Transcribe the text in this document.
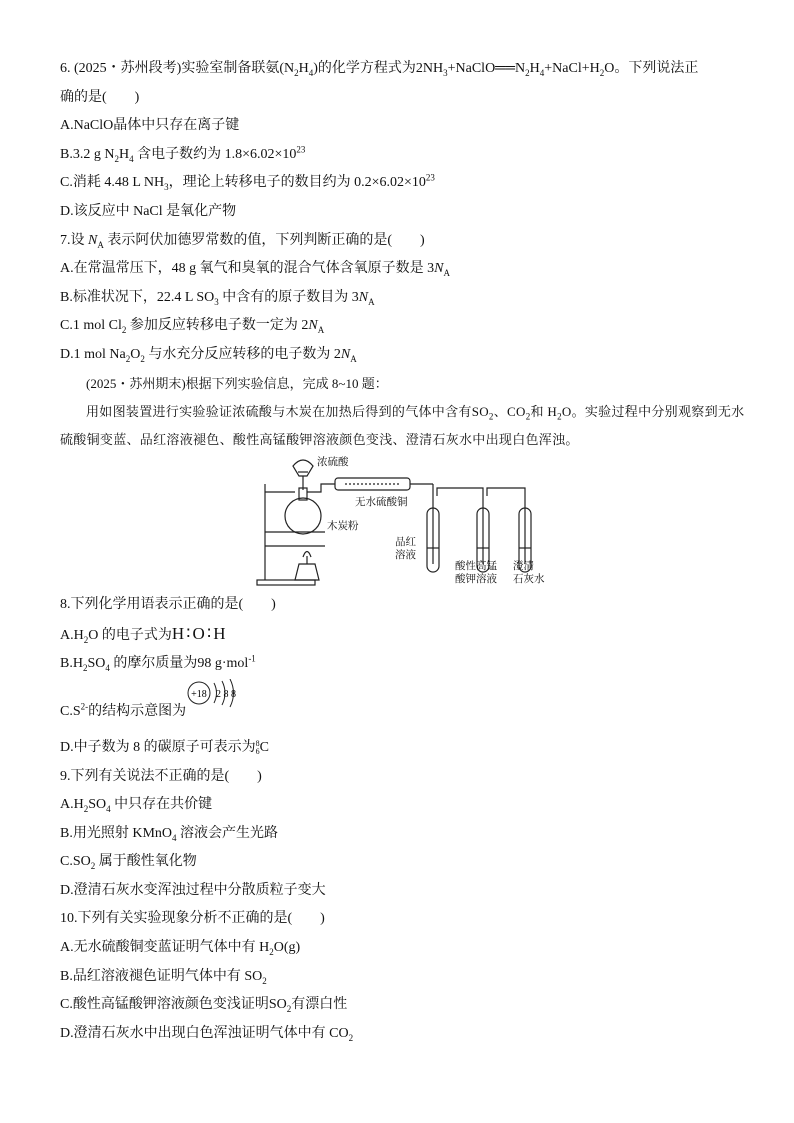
6. (2025・苏州段考)实验室制备联氨$(N_2H_4)$的化学方程式为$2NH_3+NaClO══N_2H_4+NaCl+H_2O$。下列说法正
确的是(　　)
A.NaClO晶体中只存在离子键
B.3.2 g $N_2H_4$ 含电子数约为 $1.8\times 6.02\times 10^{23}$
C.消耗 4.48 L $NH_3$，理论上转移电子的数目约为 $0.2\times 6.02\times 10^{23}$
D.该反应中 NaCl 是氧化产物
7.设 $N_A$ 表示阿伏加德罗常数的值，下列判断正确的是(　　)
A.在常温常压下，48 g 氧气和臭氧的混合气体含氧原子数是 $3N_A$
B.标准状况下，22.4 L $SO_3$ 中含有的原子数目为 $3N_A$
C.1 mol $Cl_2$ 参加反应转移电子数一定为 $2N_A$
D.1 mol $Na_2O_2$ 与水充分反应转移的电子数为 $2N_A$
(2025・苏州期末)根据下列实验信息，完成 8~10 题：
用如图装置进行实验验证浓硫酸与木炭在加热后得到的气体中含有$SO_2$、$CO_2$和 $H_2O$。实验过程中分别观察到无水硫酸铜变蓝、品红溶液褪色、酸性高锰酸钾溶液颜色变浅、澄清石灰水中出现白色浑浊。
浓硫酸
无水硫酸铜
木炭粉
品红
溶液
酸性高锰
酸钾溶液
澄清
石灰水
8.下列化学用语表示正确的是(　　)
$A.H_2O$ 的电子式为H∶O∶H
$B.H_2SO_4$ 的摩尔质量为98 g·mol$^{-1}$
$C.S^{2-}$的结构示意图为
+18 2 8 8
D.中子数为 8 的碳原子可表示为 8
6 C
9.下列有关说法不正确的是(　　)
$A.H_2SO_4$ 中只存在共价键
B.用光照射 KMnO$_4$ 溶液会产生光路
$C.SO_2$ 属于酸性氧化物
D.澄清石灰水变浑浊过程中分散质粒子变大
10.下列有关实验现象分析不正确的是(　　)
A.无水硫酸铜变蓝证明气体中有 $H_2O(g)$
B.品红溶液褪色证明气体中有 $SO_2$
C.酸性高锰酸钾溶液颜色变浅证明$SO_2$有漂白性
D.澄清石灰水中出现白色浑浊证明气体中有 $CO_2$
